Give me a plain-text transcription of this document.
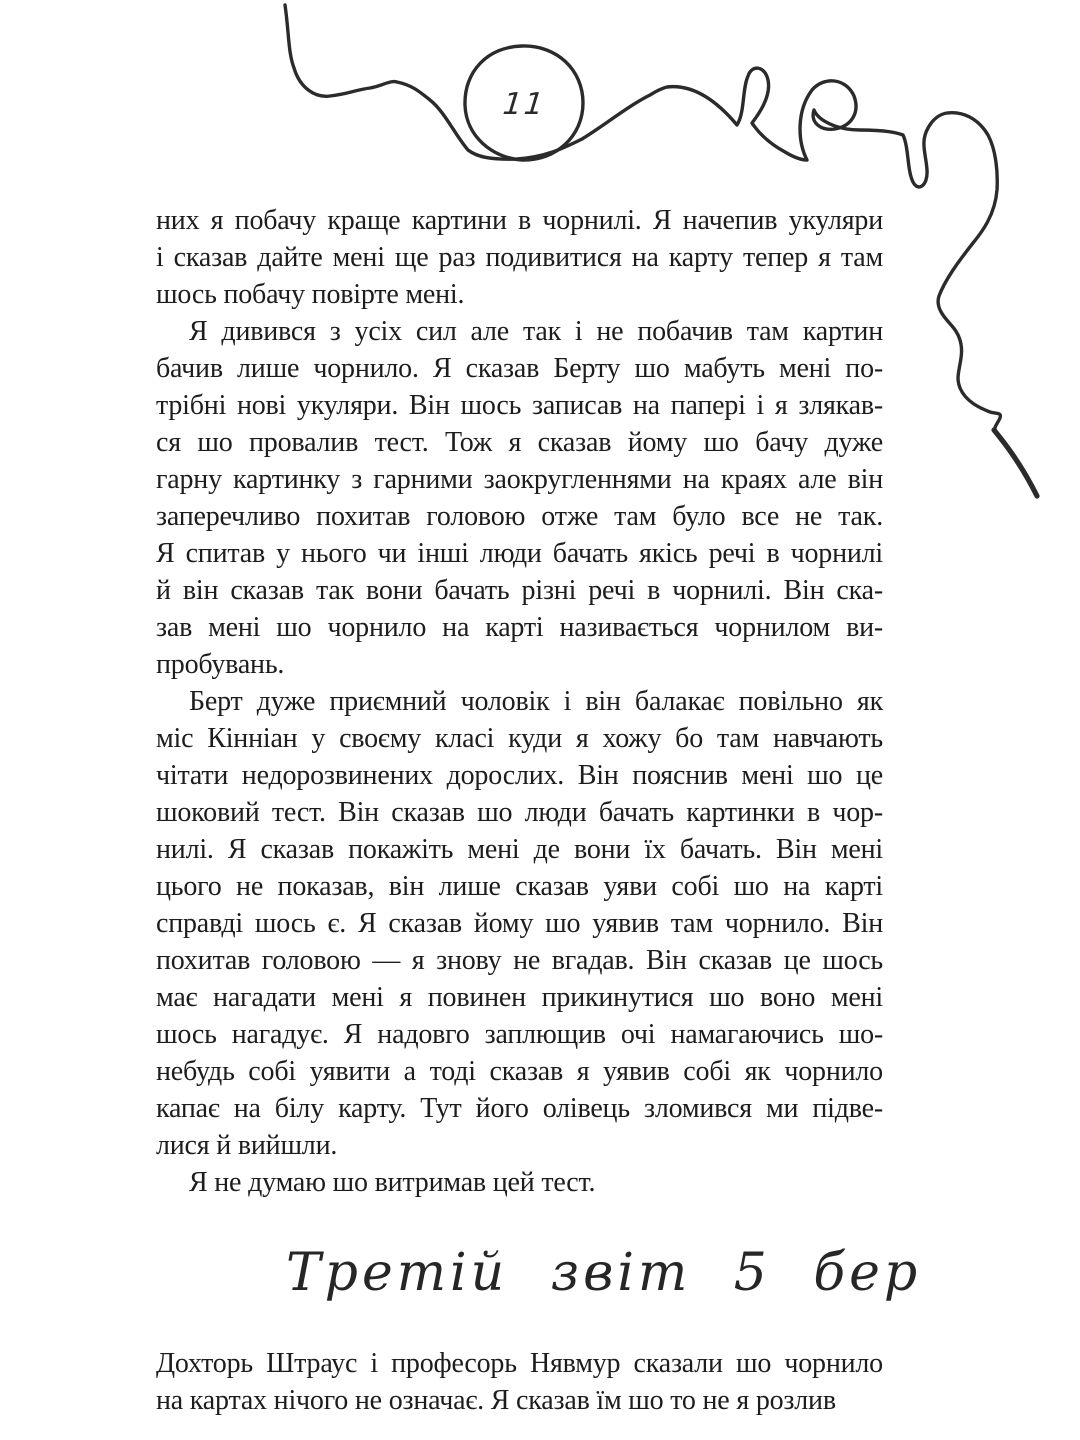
11
них я побачу краще картини в чорнилі. Я начепив укуляри
і сказав дайте мені ще раз подивитися на карту тепер я там
шось побачу повірте мені.
Я дивився з усіх сил але так і не побачив там картин
бачив лише чорнило. Я сказав Берту шо мабуть мені по-
трібні нові укуляри. Він шось записав на папері і я злякав-
ся шо провалив тест. Тож я сказав йому шо бачу дуже
гарну картинку з гарними заокругленнями на краях але він
заперечливо похитав головою отже там було все не так.
Я спитав у нього чи інші люди бачать якісь речі в чорнилі
й він сказав так вони бачать різні речі в чорнилі. Він ска-
зав мені шо чорнило на карті називається чорнилом ви-
пробувань.
Берт дуже приємний чоловік і він балакає повільно як
міс Кінніан у своєму класі куди я хожу бо там навчають
чітати недорозвинених дорослих. Він пояснив мені шо це
шоковий тест. Він сказав шо люди бачать картинки в чор-
нилі. Я сказав покажіть мені де вони їх бачать. Він мені
цього не показав, він лише сказав уяви собі шо на карті
справді шось є. Я сказав йому шо уявив там чорнило. Він
похитав головою — я знову не вгадав. Він сказав це шось
має нагадати мені я повинен прикинутися шо воно мені
шось нагадує. Я надовго заплющив очі намагаючись шо-
небудь собі уявити а тоді сказав я уявив собі як чорнило
капає на білу карту. Тут його олівець зломився ми підве-
лися й вийшли.
Я не думаю шо витримав цей тест.
Третій звіт 5 бер
Дохторь Штраус і професорь Нявмур сказали шо чорнило
на картах нічого не означає. Я сказав їм шо то не я розлив
